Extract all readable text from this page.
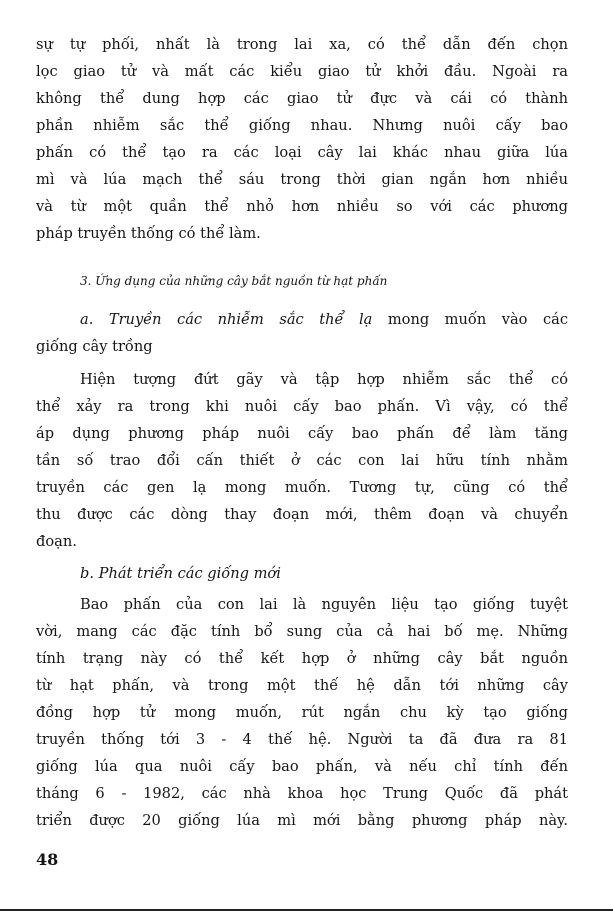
sự tự phối, nhất là trong lai xa, có thể dẫn đến chọn
lọc giao tử và mất các kiểu giao tử khởi đầu. Ngoài ra
không thể dung hợp các giao tử đực và cái có thành
phần nhiễm sắc thể giống nhau. Nhưng nuôi cấy bao
phấn có thể tạo ra các loại cây lai khác nhau giữa lúa
mì và lúa mạch thể sáu trong thời gian ngắn hơn nhiều
và từ một quần thể nhỏ hơn nhiều so với các phương
pháp truyền thống có thể làm.
3. Ứng dụng của những cây bắt nguồn từ hạt phấn
a. Truyền các nhiễm sắc thể lạ mong muốn vào các
giống cây trồng
Hiện tượng đứt gãy và tập hợp nhiễm sắc thể có
thể xảy ra trong khi nuôi cấy bao phấn. Vì vậy, có thể
áp dụng phương pháp nuôi cấy bao phấn để làm tăng
tần số trao đổi cấn thiết ở các con lai hữu tính nhằm
truyền các gen lạ mong muốn. Tương tự, cũng có thể
thu được các dòng thay đoạn mới, thêm đoạn và chuyển
đoạn.
b. Phát triển các giống mới
Bao phấn của con lai là nguyên liệu tạo giống tuyệt
vời, mang các đặc tính bổ sung của cả hai bố mẹ. Những
tính trạng này có thể kết hợp ở những cây bắt nguồn
từ hạt phấn, và trong một thế hệ dẫn tới những cây
đồng hợp tử mong muốn, rút ngắn chu kỳ tạo giống
truyền thống tới 3 - 4 thế hệ. Người ta đã đưa ra 81
giống lúa qua nuôi cấy bao phấn, và nếu chỉ tính đến
tháng 6 - 1982, các nhà khoa học Trung Quốc đã phát
triển được 20 giống lúa mì mới bằng phương pháp này.
48
